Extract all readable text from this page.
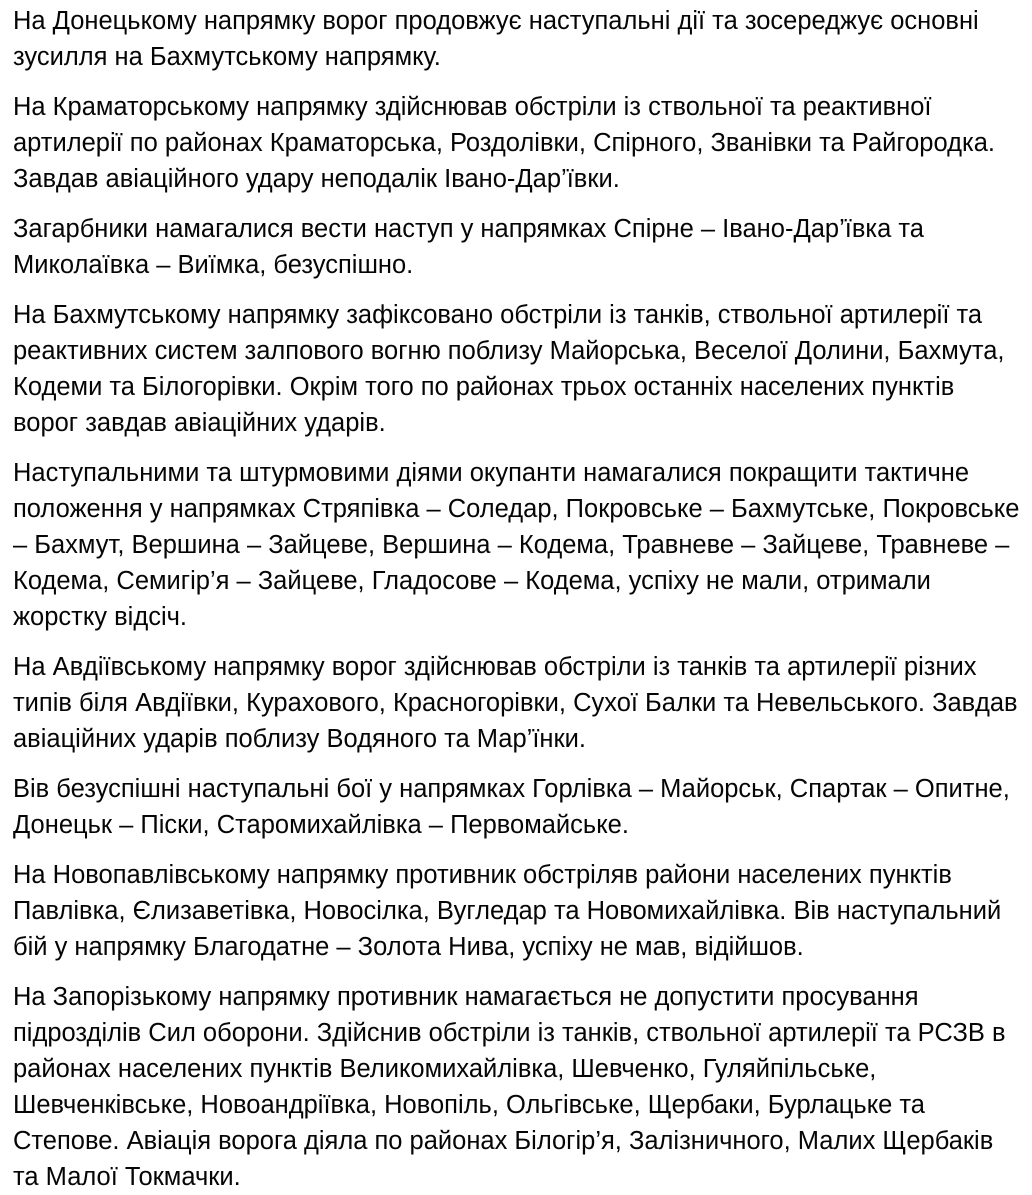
На Донецькому напрямку ворог продовжує наступальні дії та зосереджує основні зусилля на Бахмутському напрямку.

На Краматорському напрямку здійснював обстріли із ствольної та реактивної артилерії по районах Краматорська, Роздолівки, Спірного, Званівки та Райгородка.  Завдав авіаційного удару неподалік Івано-Дар’ївки.

Загарбники намагалися вести наступ у напрямках Спірне – Івано-Дар’ївка та Миколаївка – Виїмка, безуспішно.

На Бахмутському напрямку зафіксовано обстріли із танків, ствольної артилерії та реактивних систем залпового вогню поблизу Майорська, Веселої Долини, Бахмута, Кодеми та Білогорівки. Окрім того по районах трьох останніх населених пунктів ворог завдав авіаційних ударів.

Наступальними та штурмовими діями окупанти намагалися покращити тактичне положення у напрямках Стряпівка – Соледар, Покровське – Бахмутське, Покровське – Бахмут, Вершина – Зайцеве, Вершина – Кодема, Травневе – Зайцеве, Травневе – Кодема, Семигір’я – Зайцеве, Гладосове – Кодема, успіху не мали, отримали жорстку відсіч.

На Авдіївському напрямку ворог здійснював обстріли із танків та артилерії різних типів біля Авдіївки, Курахового, Красногорівки, Сухої Балки та Невельського. Завдав авіаційних ударів поблизу Водяного та Мар’їнки.

Вів безуспішні наступальні бої у напрямках Горлівка – Майорськ, Спартак – Опитне, Донецьк – Піски, Старомихайлівка – Первомайське.

На Новопавлівському напрямку противник обстріляв райони населених пунктів Павлівка, Єлизаветівка, Новосілка, Вугледар та Новомихайлівка. Вів наступальний бій у напрямку Благодатне – Золота Нива, успіху не мав, відійшов.

На Запорізькому напрямку противник намагається не допустити просування підрозділів Сил оборони. Здійснив обстріли із танків, ствольної артилерії та РСЗВ в районах населених пунктів Великомихайлівка, Шевченко, Гуляйпільське, Шевченківське, Новоандріївка, Новопіль, Ольгівське, Щербаки, Бурлацьке та Степове. Авіація ворога діяла по районах Білогір’я, Залізничного, Малих Щербаків та Малої Токмачки.
